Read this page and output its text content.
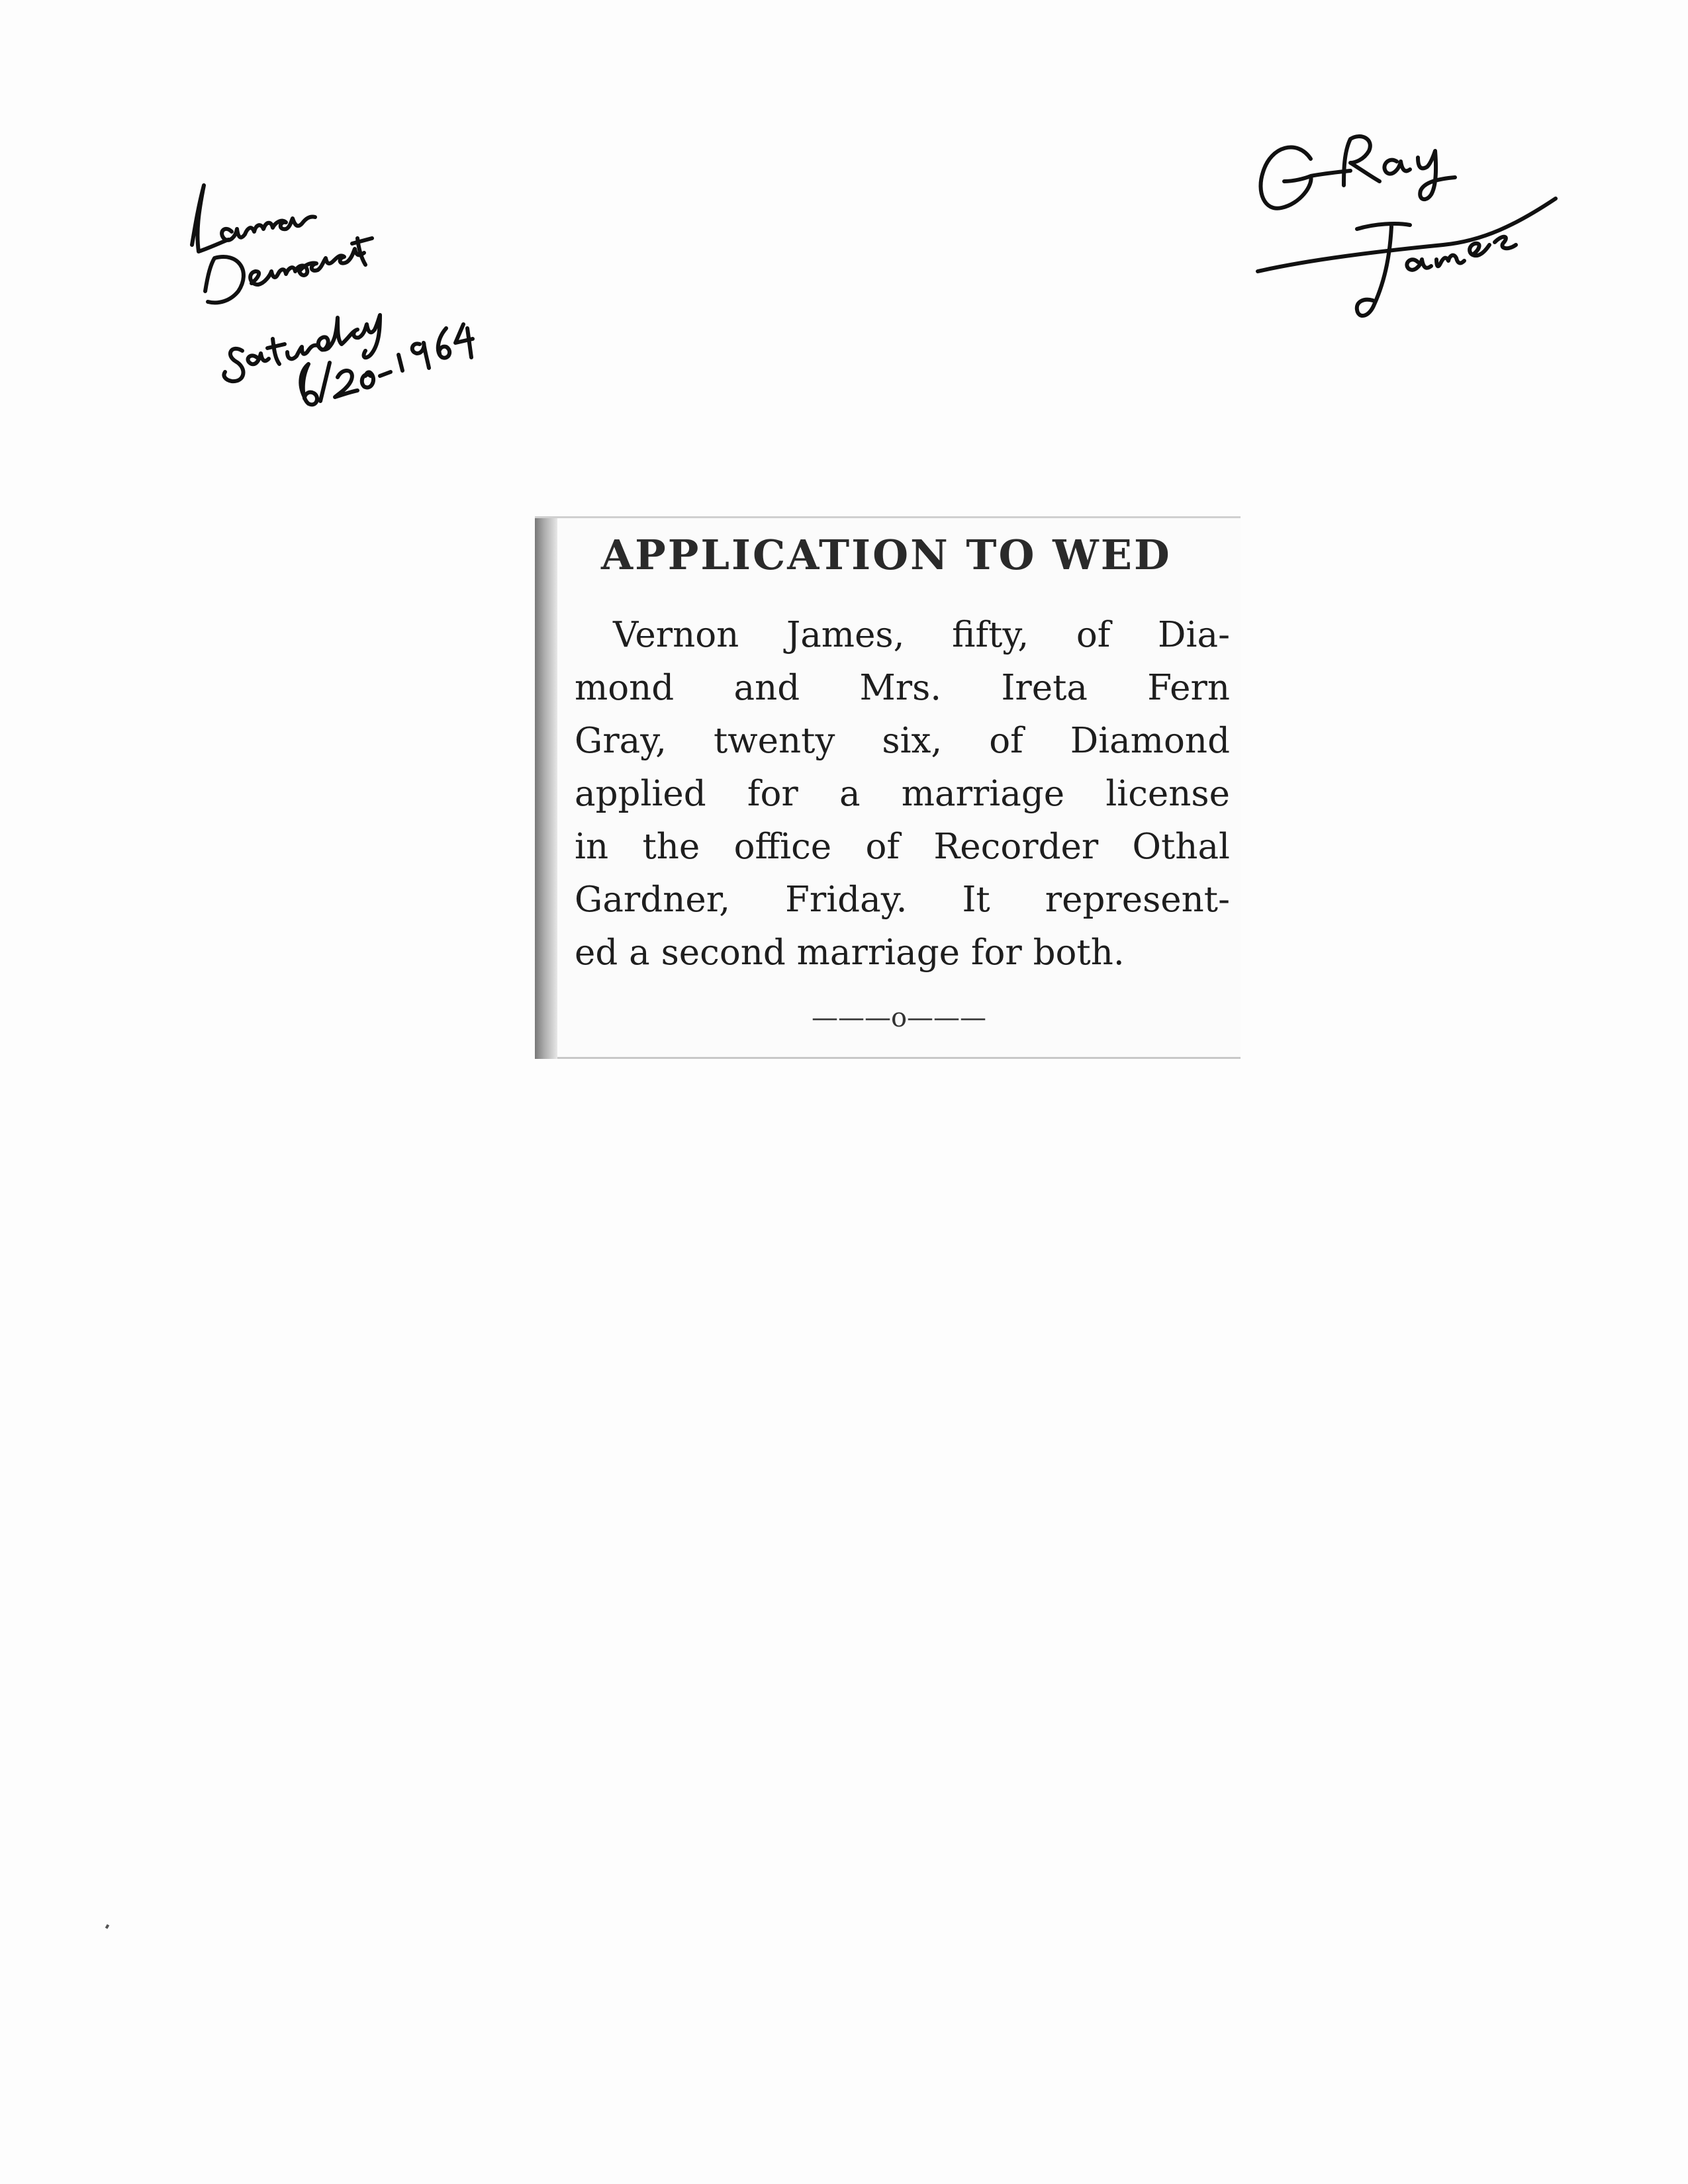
APPLICATION TO WED
Vernon James, fifty, of Dia-
mond and Mrs. Ireta Fern
Gray, twenty six, of Diamond
applied for a marriage license
in the office of Recorder Othal
Gardner, Friday. It represent-
ed a second marriage for both.
———o———
